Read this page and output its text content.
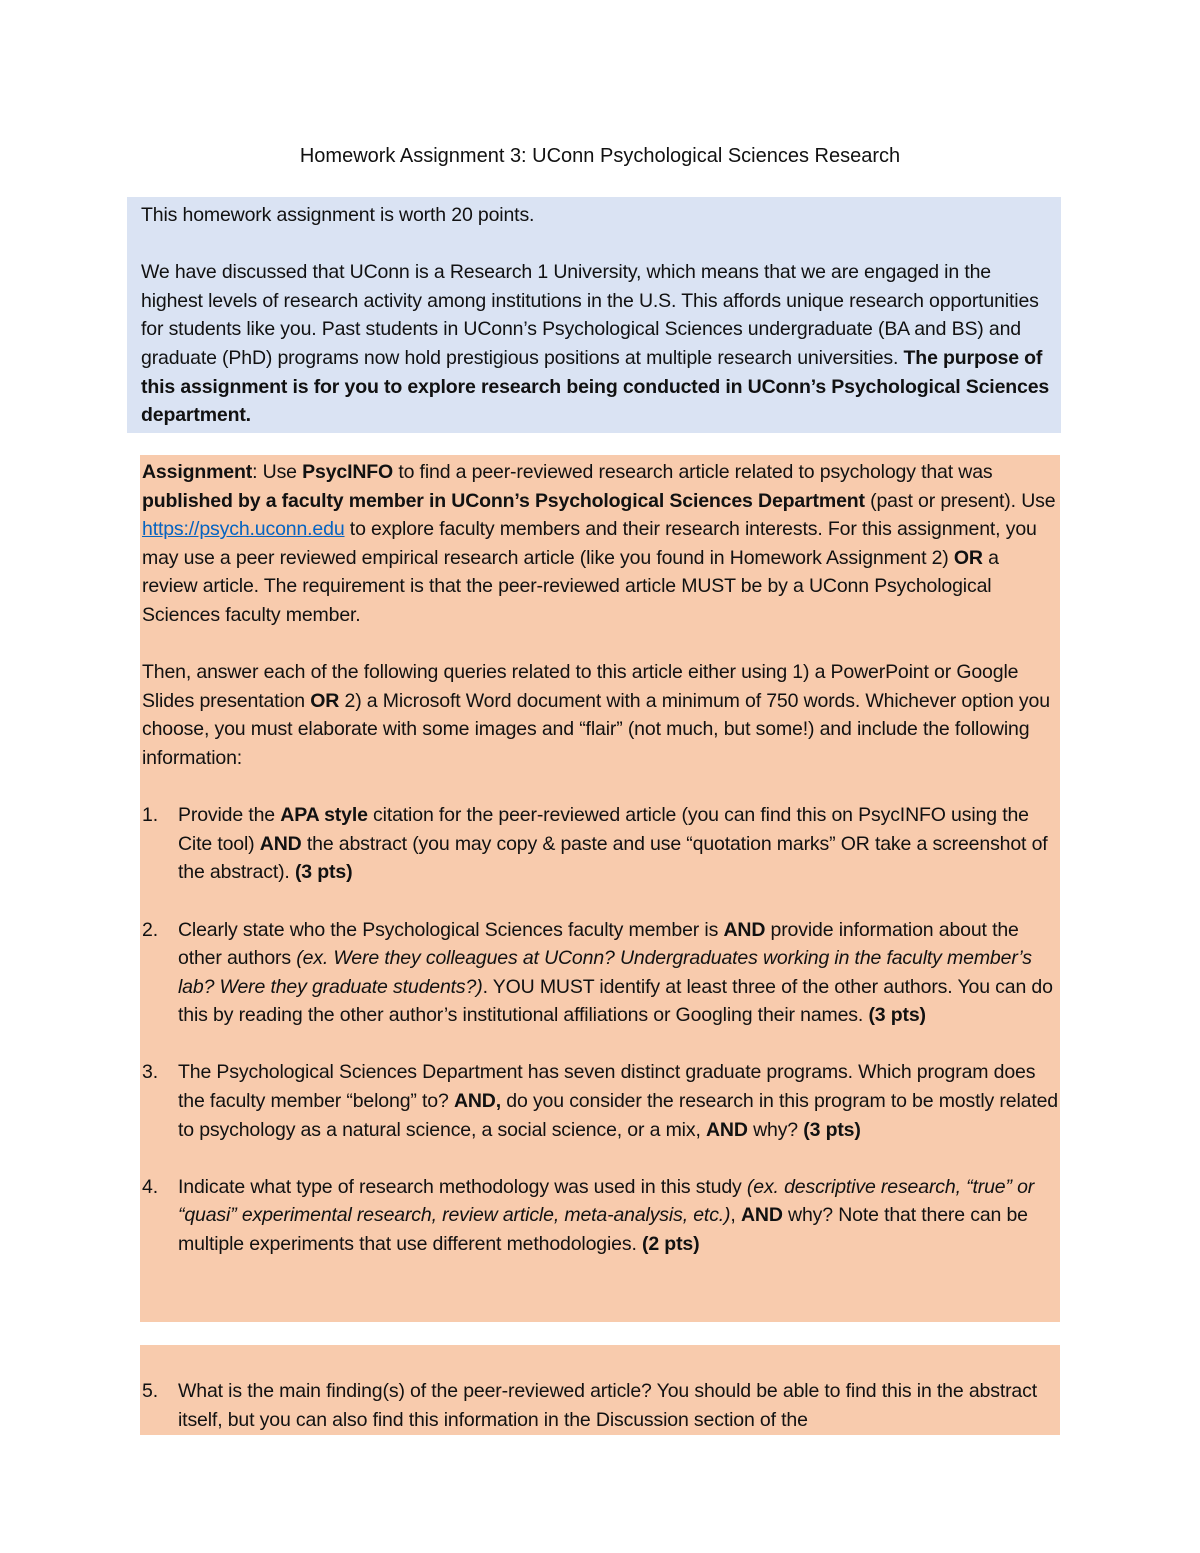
Homework Assignment 3: UConn Psychological Sciences Research

This homework assignment is worth 20 points.

We have discussed that UConn is a Research 1 University, which means that we are engaged in the highest levels of research activity among institutions in the U.S. This affords unique research opportunities for students like you. Past students in UConn’s Psychological Sciences undergraduate (BA and BS) and graduate (PhD) programs now hold prestigious positions at multiple research universities. The purpose of this assignment is for you to explore research being conducted in UConn’s Psychological Sciences department.

Assignment: Use PsycINFO to find a peer-reviewed research article related to psychology that was published by a faculty member in UConn’s Psychological Sciences Department (past or present). Use https://psych.uconn.edu to explore faculty members and their research interests. For this assignment, you may use a peer reviewed empirical research article (like you found in Homework Assignment 2) OR a review article. The requirement is that the peer-reviewed article MUST be by a UConn Psychological Sciences faculty member.

Then, answer each of the following queries related to this article either using 1) a PowerPoint or Google Slides presentation OR 2) a Microsoft Word document with a minimum of 750 words. Whichever option you choose, you must elaborate with some images and “flair” (not much, but some!) and include the following information:

1.	Provide the APA style citation for the peer-reviewed article (you can find this on PsycINFO using the Cite tool) AND the abstract (you may copy & paste and use “quotation marks” OR take a screenshot of the abstract). (3 pts)
2.	Clearly state who the Psychological Sciences faculty member is AND provide information about the other authors (ex. Were they colleagues at UConn? Undergraduates working in the faculty member’s lab? Were they graduate students?). YOU MUST identify at least three of the other authors. You can do this by reading the other author’s institutional affiliations or Googling their names. (3 pts)
3.	The Psychological Sciences Department has seven distinct graduate programs. Which program does the faculty member “belong” to? AND, do you consider the research in this program to be mostly related to psychology as a natural science, a social science, or a mix, AND why? (3 pts)
4.	Indicate what type of research methodology was used in this study (ex. descriptive research, “true” or “quasi” experimental research, review article, meta-analysis, etc.), AND why? Note that there can be multiple experiments that use different methodologies. (2 pts)
5.	What is the main finding(s) of the peer-reviewed article? You should be able to find this in the abstract itself, but you can also find this information in the Discussion section of the
